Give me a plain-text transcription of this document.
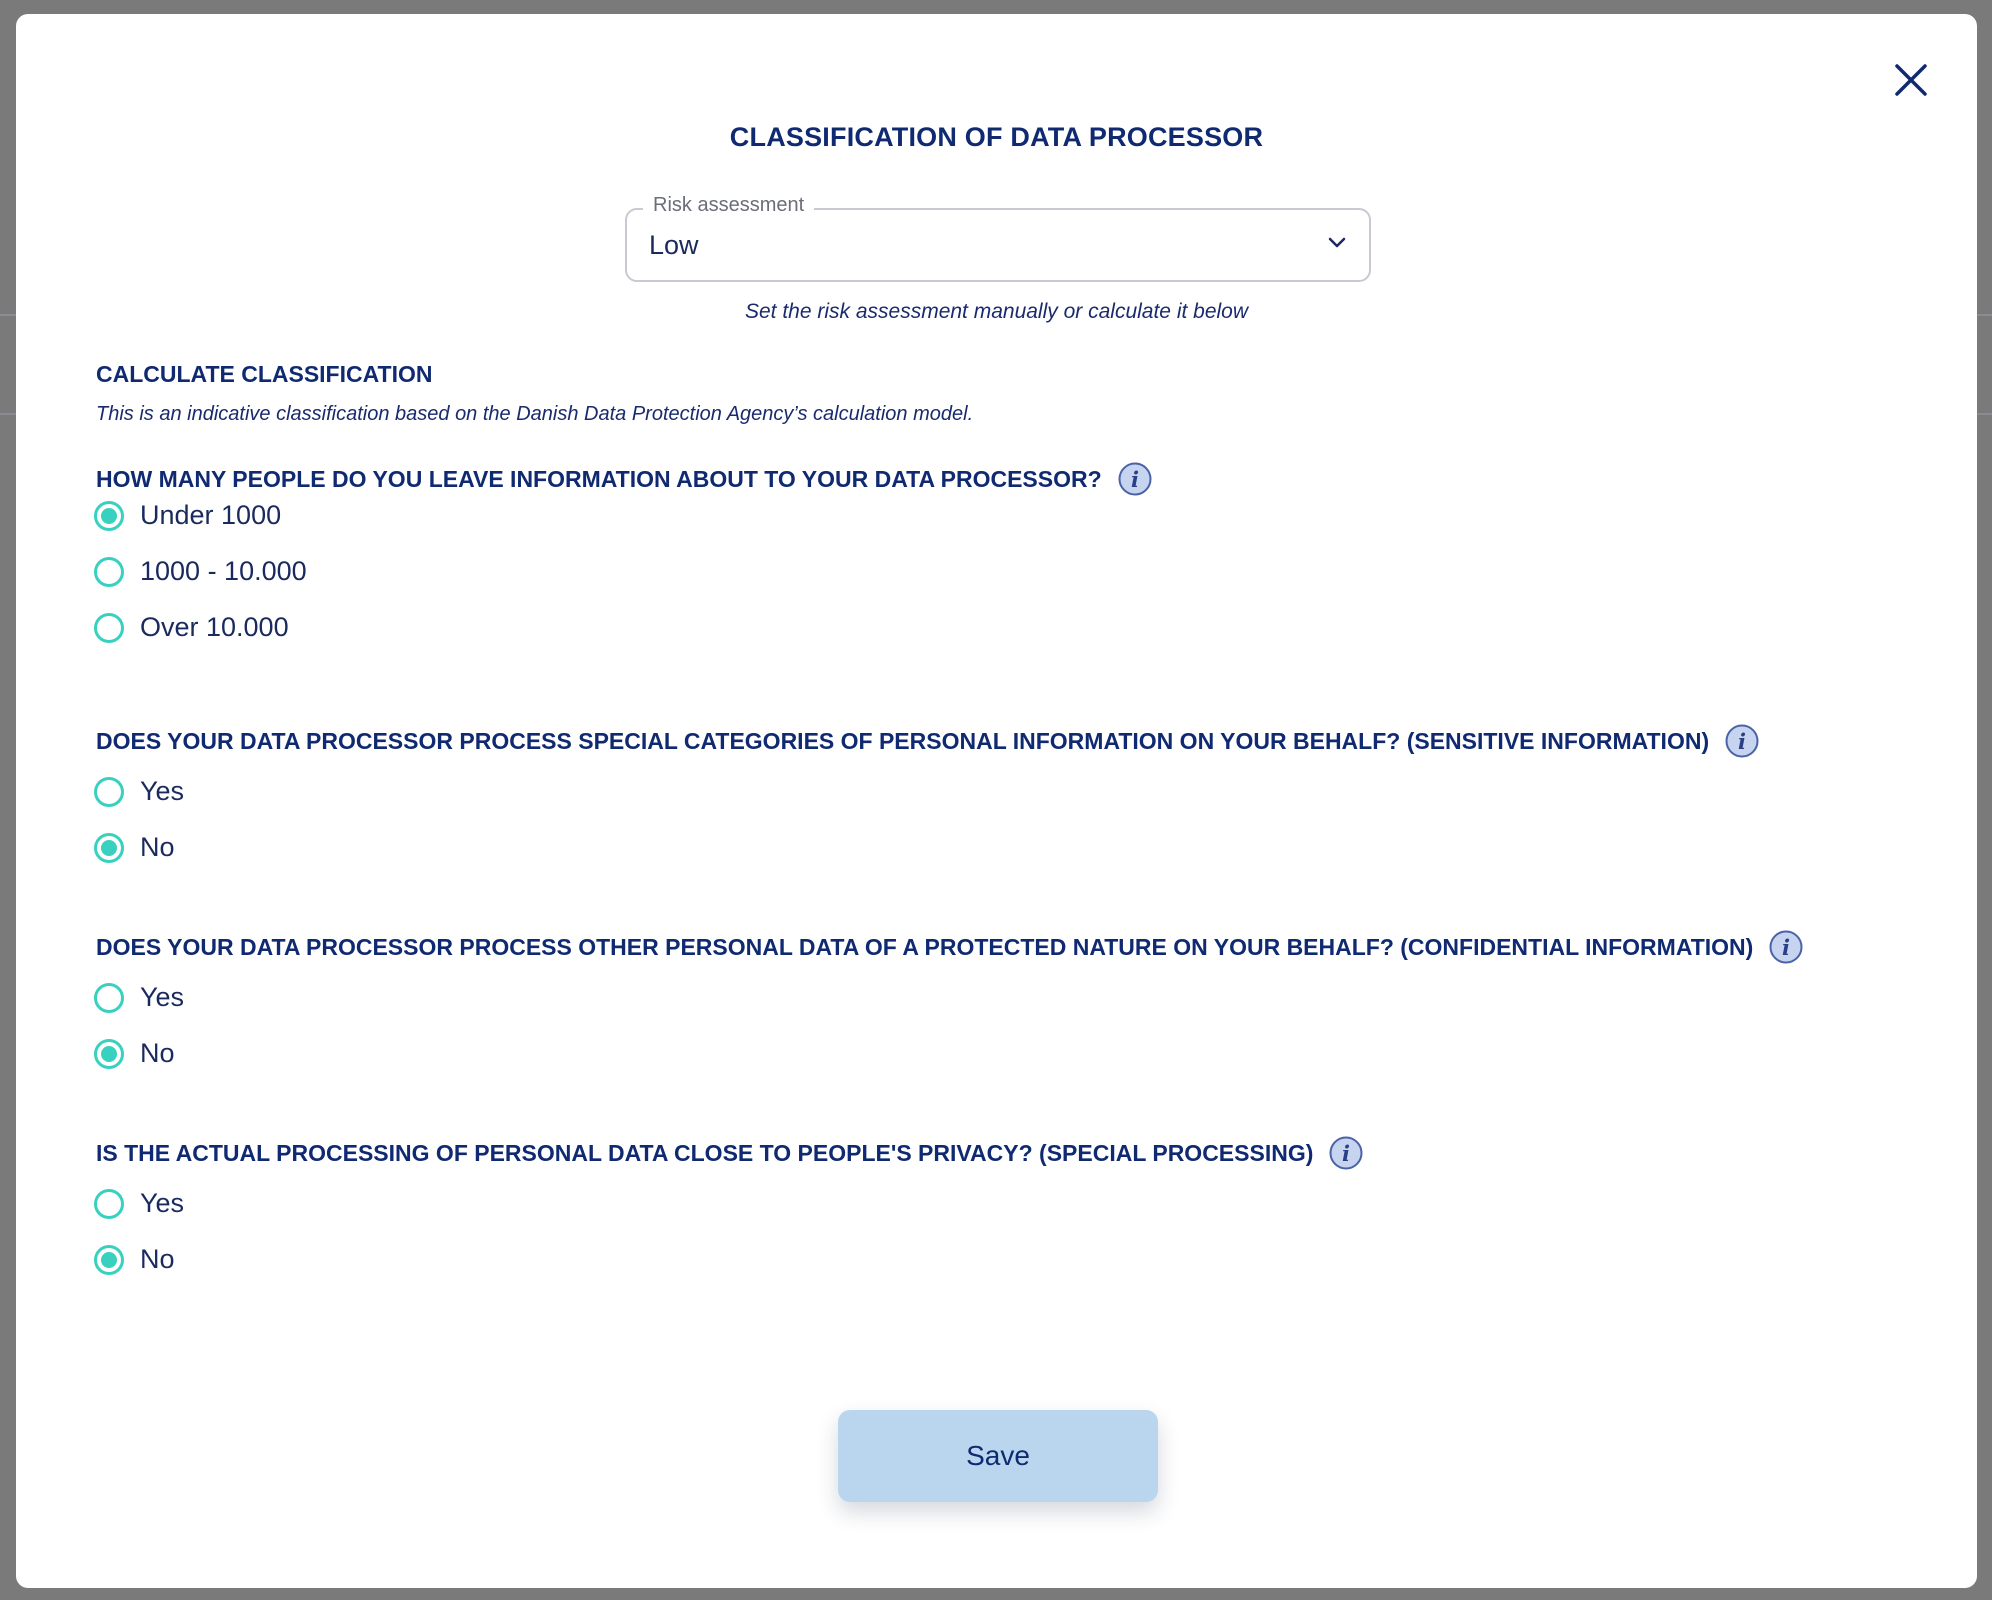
CLASSIFICATION OF DATA PROCESSOR
Risk assessment
Low
Set the risk assessment manually or calculate it below
CALCULATE CLASSIFICATION
This is an indicative classification based on the Danish Data Protection Agency’s calculation model.
HOW MANY PEOPLE DO YOU LEAVE INFORMATION ABOUT TO YOUR DATA PROCESSOR? i
Under 1000
1000 - 10.000
Over 10.000
DOES YOUR DATA PROCESSOR PROCESS SPECIAL CATEGORIES OF PERSONAL INFORMATION ON YOUR BEHALF? (SENSITIVE INFORMATION) i
Yes
No
DOES YOUR DATA PROCESSOR PROCESS OTHER PERSONAL DATA OF A PROTECTED NATURE ON YOUR BEHALF? (CONFIDENTIAL INFORMATION) i
Yes
No
IS THE ACTUAL PROCESSING OF PERSONAL DATA CLOSE TO PEOPLE'S PRIVACY? (SPECIAL PROCESSING) i
Yes
No
Save
